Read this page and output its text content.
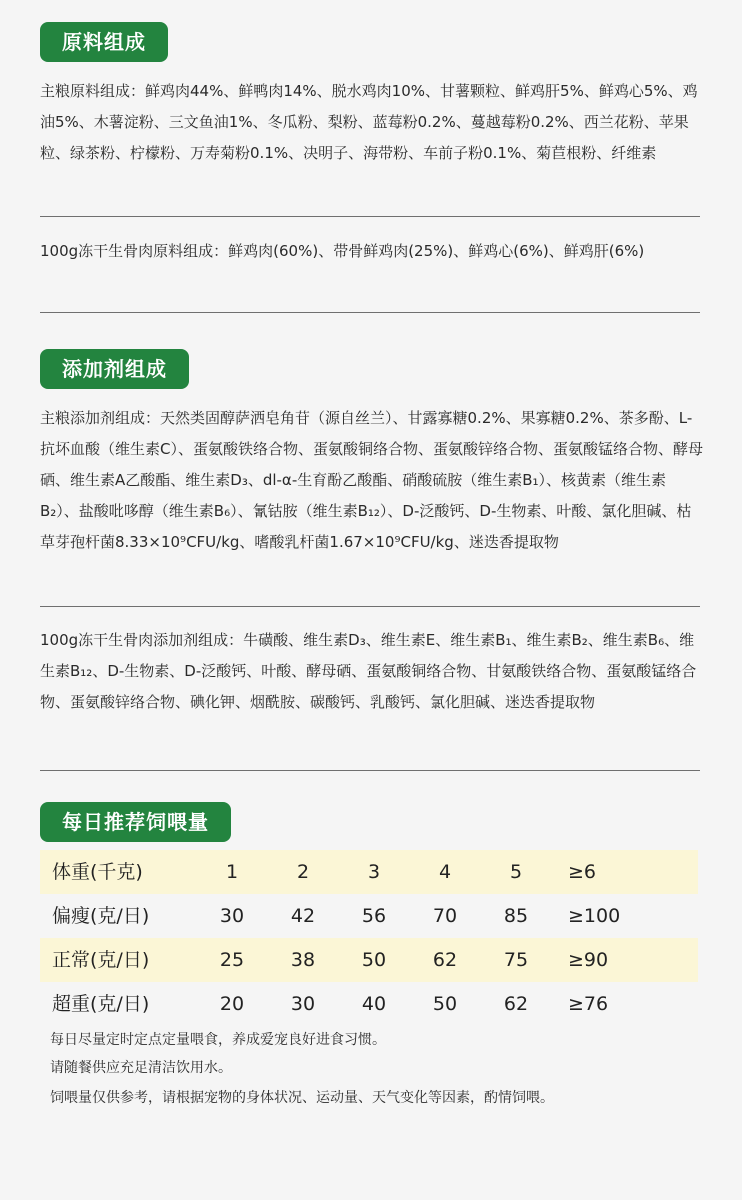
原料组成

主粮原料组成：鲜鸡肉44%、鲜鸭肉14%、脱水鸡肉10%、甘薯颗粒、鲜鸡肝5%、鲜鸡心5%、鸡油5%、木薯淀粉、三文鱼油1%、冬瓜粉、梨粉、蓝莓粉0.2%、蔓越莓粉0.2%、西兰花粉、苹果粒、绿茶粉、柠檬粉、万寿菊粉0.1%、决明子、海带粉、车前子粉0.1%、菊苣根粉、纤维素

100g冻干生骨肉原料组成：鲜鸡肉(60%)、带骨鲜鸡肉(25%)、鲜鸡心(6%)、鲜鸡肝(6%)

添加剂组成

主粮添加剂组成：天然类固醇萨洒皂角苷（源自丝兰）、甘露寡糖0.2%、果寡糖0.2%、茶多酚、L-抗坏血酸（维生素C）、蛋氨酸铁络合物、蛋氨酸铜络合物、蛋氨酸锌络合物、蛋氨酸锰络合物、酵母硒、维生素A乙酸酯、维生素D₃、dl-α-生育酚乙酸酯、硝酸硫胺（维生素B₁）、核黄素（维生素B₂）、盐酸吡哆醇（维生素B₆）、氰钴胺（维生素B₁₂）、D-泛酸钙、D-生物素、叶酸、氯化胆碱、枯草芽孢杆菌8.33×10⁹CFU/kg、嗜酸乳杆菌1.67×10⁹CFU/kg、迷迭香提取物

100g冻干生骨肉添加剂组成：牛磺酸、维生素D₃、维生素E、维生素B₁、维生素B₂、维生素B₆、维生素B₁₂、D-生物素、D-泛酸钙、叶酸、酵母硒、蛋氨酸铜络合物、甘氨酸铁络合物、蛋氨酸锰络合物、蛋氨酸锌络合物、碘化钾、烟酰胺、碳酸钙、乳酸钙、氯化胆碱、迷迭香提取物

每日推荐饲喂量
体重(千克)	1	2	3	4	5	≥6
偏瘦(克/日)	30 42 56 70 85 ≥100
正常(克/日)	25 38 50 62 75 ≥90
超重(克/日)	20 30 40 50 62 ≥76

每日尽量定时定点定量喂食，养成爱宠良好进食习惯。

请随餐供应充足清洁饮用水。

饲喂量仅供参考，请根据宠物的身体状况、运动量、天气变化等因素，酌情饲喂。
